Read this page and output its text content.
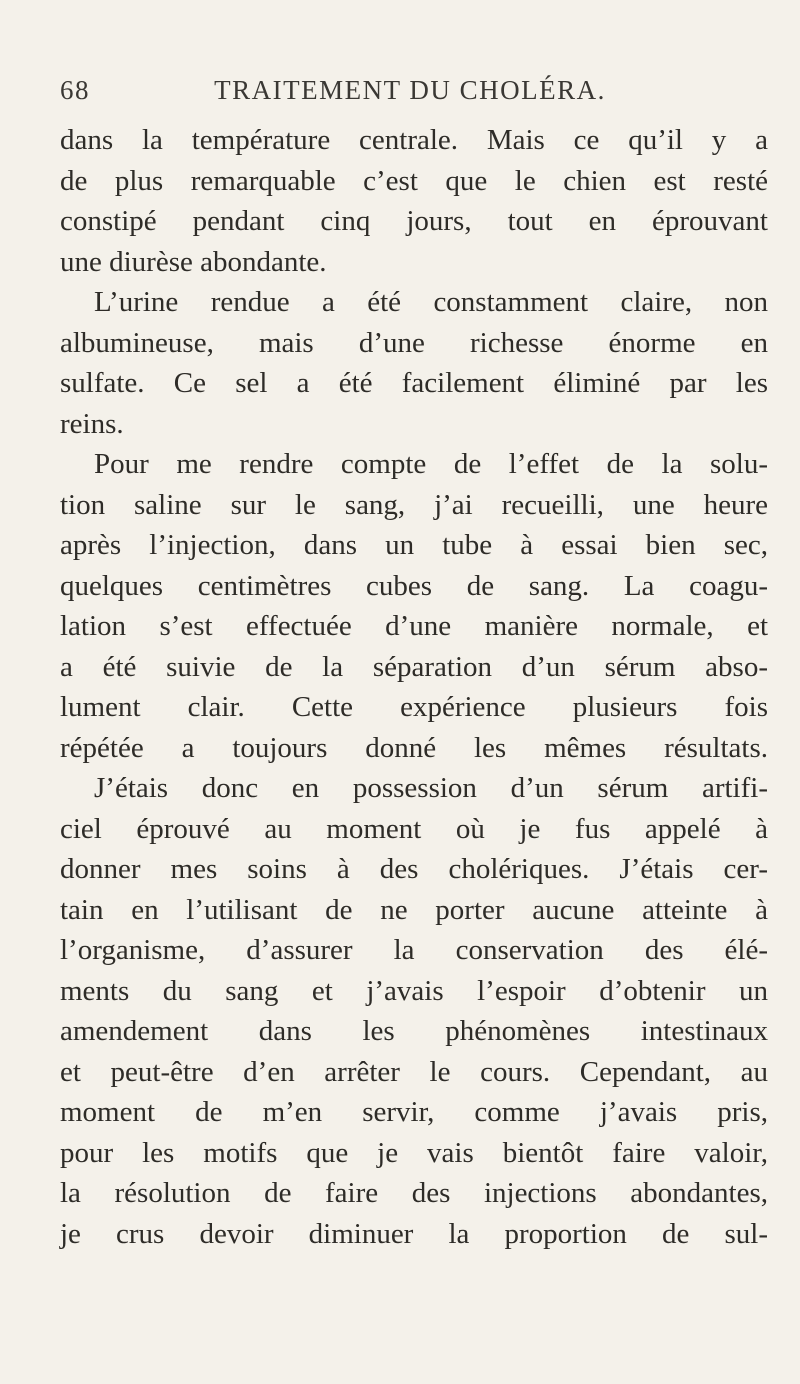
68	TRAITEMENT DU CHOLÉRA.
dans la température centrale. Mais ce qu’il y a
de plus remarquable c’est que le chien est resté
constipé pendant cinq jours, tout en éprouvant
une diurèse abondante.
L’urine rendue a été constamment claire, non
albumineuse, mais d’une richesse énorme en
sulfate. Ce sel a été facilement éliminé par les
reins.
Pour me rendre compte de l’effet de la solu-
tion saline sur le sang, j’ai recueilli, une heure
après l’injection, dans un tube à essai bien sec,
quelques centimètres cubes de sang. La coagu-
lation s’est effectuée d’une manière normale, et
a été suivie de la séparation d’un sérum abso-
lument clair. Cette expérience plusieurs fois
répétée a toujours donné les mêmes résultats.
J’étais donc en possession d’un sérum artifi-
ciel éprouvé au moment où je fus appelé à
donner mes soins à des cholériques. J’étais cer-
tain en l’utilisant de ne porter aucune atteinte à
l’organisme, d’assurer la conservation des élé-
ments du sang et j’avais l’espoir d’obtenir un
amendement dans les phénomènes intestinaux
et peut-être d’en arrêter le cours. Cependant, au
moment de m’en servir, comme j’avais pris,
pour les motifs que je vais bientôt faire valoir,
la résolution de faire des injections abondantes,
je crus devoir diminuer la proportion de sul-
